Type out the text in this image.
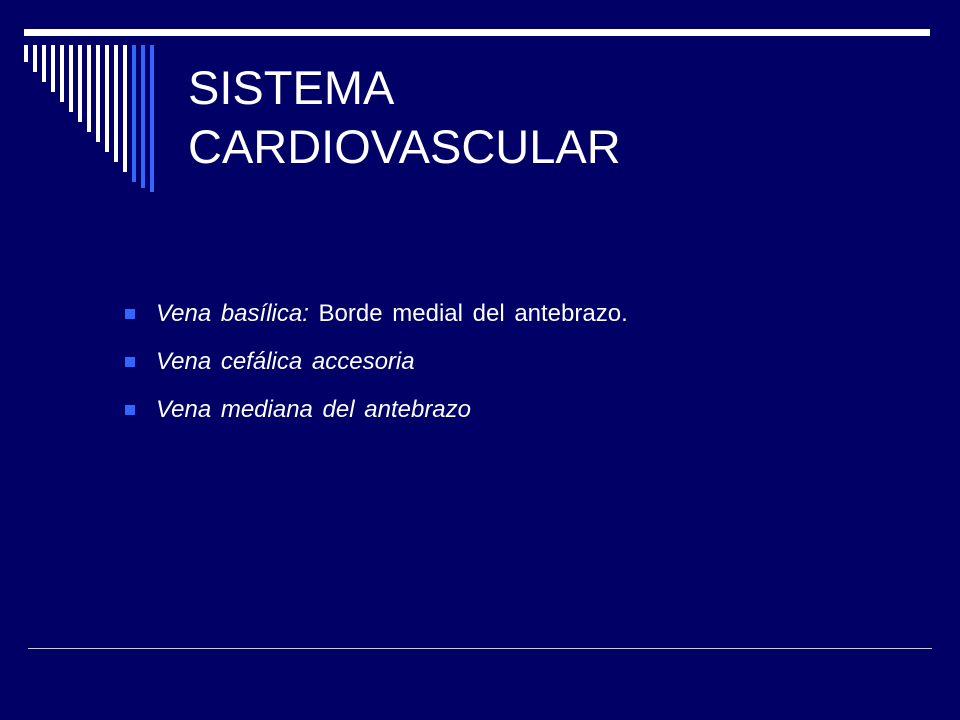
SISTEMA
CARDIOVASCULAR
Vena basílica: Borde medial del antebrazo.
Vena cefálica accesoria
Vena mediana del antebrazo
